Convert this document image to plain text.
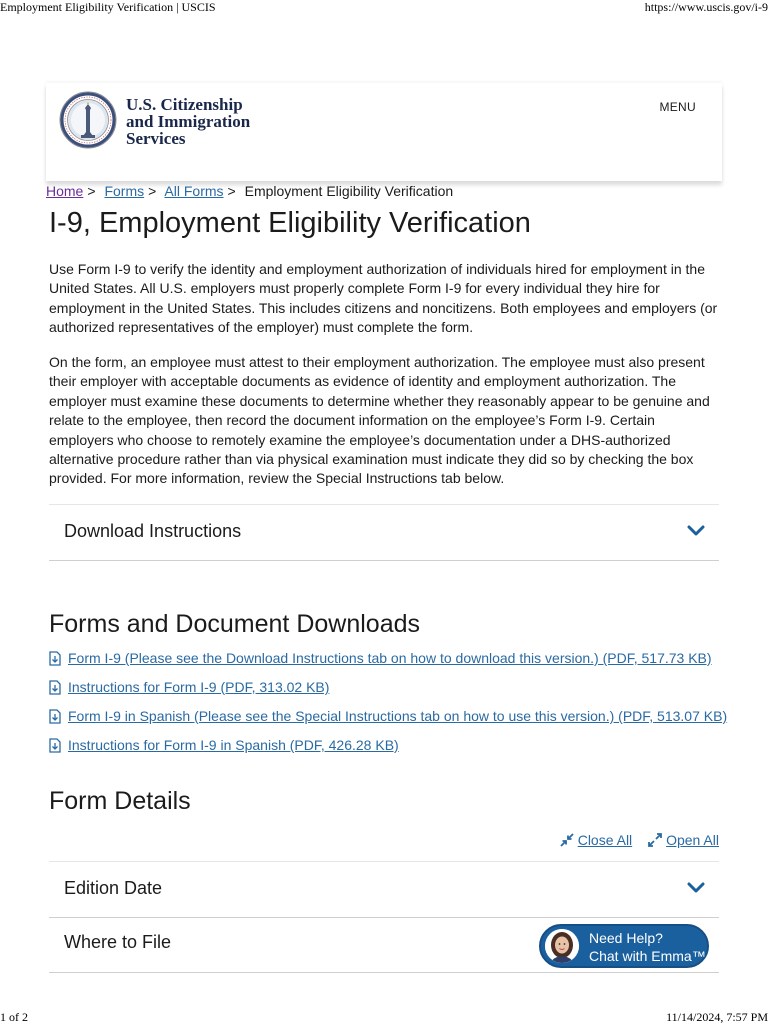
Employment Eligibility Verification | USCIS	https://www.uscis.gov/i-9
U.S. Citizenship
and Immigration
Services
MENU
Home > Forms > All Forms > Employment Eligibility Verification
I-9, Employment Eligibility Verification

Use Form I-9 to verify the identity and employment authorization of individuals hired for employment in the United States. All U.S. employers must properly complete Form I-9 for every individual they hire for employment in the United States. This includes citizens and noncitizens. Both employees and employers (or authorized representatives of the employer) must complete the form.

On the form, an employee must attest to their employment authorization. The employee must also present their employer with acceptable documents as evidence of identity and employment authorization. The employer must examine these documents to determine whether they reasonably appear to be genuine and relate to the employee, then record the document information on the employee’s Form I-9. Certain employers who choose to remotely examine the employee’s documentation under a DHS-authorized alternative procedure rather than via physical examination must indicate they did so by checking the box provided. For more information, review the Special Instructions tab below.

Download Instructions
Forms and Document Downloads
Form I-9 (Please see the Download Instructions tab on how to download this version.) (PDF, 517.73 KB)
Instructions for Form I-9 (PDF, 313.02 KB)
Form I-9 in Spanish (Please see the Special Instructions tab on how to use this version.) (PDF, 513.07 KB)
Instructions for Form I-9 in Spanish (PDF, 426.28 KB)
Form Details
Close All Open All
Edition Date
Where to File	Need Help?
Chat with Emma™
1 of 2	11/14/2024, 7:57 PM
